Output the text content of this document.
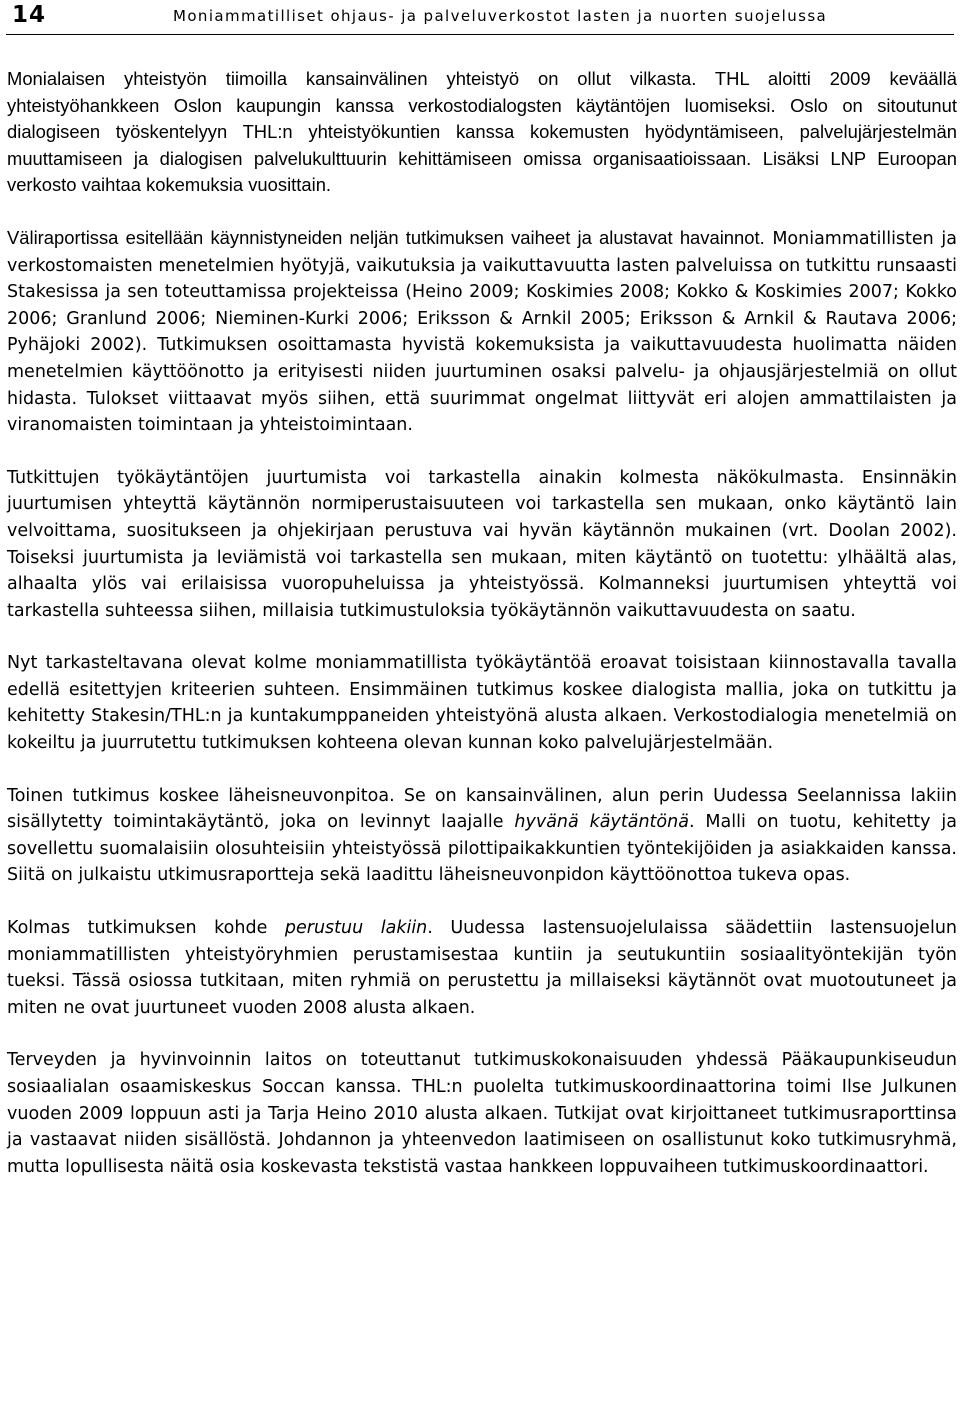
14	Moniammatilliset ohjaus- ja palveluverkostot lasten ja nuorten suojelussa

Monialaisen yhteistyön tiimoilla kansainvälinen yhteistyö on ollut vilkasta. THL aloitti 2009 keväällä yhteistyöhankkeen Oslon kaupungin kanssa verkostodialogsten käytäntöjen luomiseksi. Oslo on sitoutunut dialogiseen työskentelyyn THL:n yhteistyökuntien kanssa kokemusten hyödyntämiseen, palvelujärjestelmän muuttamiseen ja dialogisen palvelukulttuurin kehittämiseen omissa organisaatioissaan. Lisäksi LNP Euroopan verkosto vaihtaa kokemuksia vuosittain.

Väliraportissa esitellään käynnistyneiden neljän tutkimuksen vaiheet ja alustavat havainnot. Moniammatillisten ja verkostomaisten menetelmien hyötyjä, vaikutuksia ja vaikuttavuutta lasten palveluissa on tutkittu runsaasti Stakesissa ja sen toteuttamissa projekteissa (Heino 2009; Koskimies 2008; Kokko & Koskimies 2007; Kokko 2006; Granlund 2006; Nieminen-Kurki 2006; Eriksson & Arnkil 2005; Eriksson & Arnkil & Rautava 2006; Pyhäjoki 2002). Tutkimuksen osoittamasta hyvistä kokemuksista ja vaikuttavuudesta huolimatta näiden menetelmien käyttöönotto ja erityisesti niiden juurtuminen osaksi palvelu- ja ohjausjärjestelmiä on ollut hidasta. Tulokset viittaavat myös siihen, että suurimmat ongelmat liittyvät eri alojen ammattilaisten ja viranomaisten toimintaan ja yhteistoimintaan.

Tutkittujen työkäytäntöjen juurtumista voi tarkastella ainakin kolmesta näkökulmasta. Ensinnäkin juurtumisen yhteyttä käytännön normiperustaisuuteen voi tarkastella sen mukaan, onko käytäntö lain velvoittama, suositukseen ja ohjekirjaan perustuva vai hyvän käytännön mukainen (vrt. Doolan 2002). Toiseksi juurtumista ja leviämistä voi tarkastella sen mukaan, miten käytäntö on tuotettu: ylhäältä alas, alhaalta ylös vai erilaisissa vuoropuheluissa ja yhteistyössä. Kolmanneksi juurtumisen yhteyttä voi tarkastella suhteessa siihen, millaisia tutkimustuloksia työkäytännön vaikuttavuudesta on saatu.

Nyt tarkasteltavana olevat kolme moniammatillista työkäytäntöä eroavat toisistaan kiinnostavalla tavalla edellä esitettyjen kriteerien suhteen. Ensimmäinen tutkimus koskee dialogista mallia, joka on tutkittu ja kehitetty Stakesin/THL:n ja kuntakumppaneiden yhteistyönä alusta alkaen. Verkostodialogia menetelmiä on kokeiltu ja juurrutettu tutkimuksen kohteena olevan kunnan koko palvelujärjestelmään.

Toinen tutkimus koskee läheisneuvonpitoa. Se on kansainvälinen, alun perin Uudessa Seelannissa lakiin sisällytetty toimintakäytäntö, joka on levinnyt laajalle hyvänä käytäntönä. Malli on tuotu, kehitetty ja sovellettu suomalaisiin olosuhteisiin yhteistyössä pilottipaikakkuntien työntekijöiden ja asiakkaiden kanssa. Siitä on julkaistu utkimusraportteja sekä laadittu läheisneuvonpidon käyttöönottoa tukeva opas.

Kolmas tutkimuksen kohde perustuu lakiin. Uudessa lastensuojelulaissa säädettiin lastensuojelun moniammatillisten yhteistyöryhmien perustamisestaa kuntiin ja seutukuntiin sosiaalityöntekijän työn tueksi. Tässä osiossa tutkitaan, miten ryhmiä on perustettu ja millaiseksi käytännöt ovat muotoutuneet ja miten ne ovat juurtuneet vuoden 2008 alusta alkaen.

Terveyden ja hyvinvoinnin laitos on toteuttanut tutkimuskokonaisuuden yhdessä Pääkaupunkiseudun sosiaalialan osaamiskeskus Soccan kanssa. THL:n puolelta tutkimuskoordinaattorina toimi Ilse Julkunen vuoden 2009 loppuun asti ja Tarja Heino 2010 alusta alkaen. Tutkijat ovat kirjoittaneet tutkimusraporttinsa ja vastaavat niiden sisällöstä. Johdannon ja yhteenvedon laatimiseen on osallistunut koko tutkimusryhmä, mutta lopullisesta näitä osia koskevasta tekstistä vastaa hankkeen loppuvaiheen tutkimuskoordinaattori.
